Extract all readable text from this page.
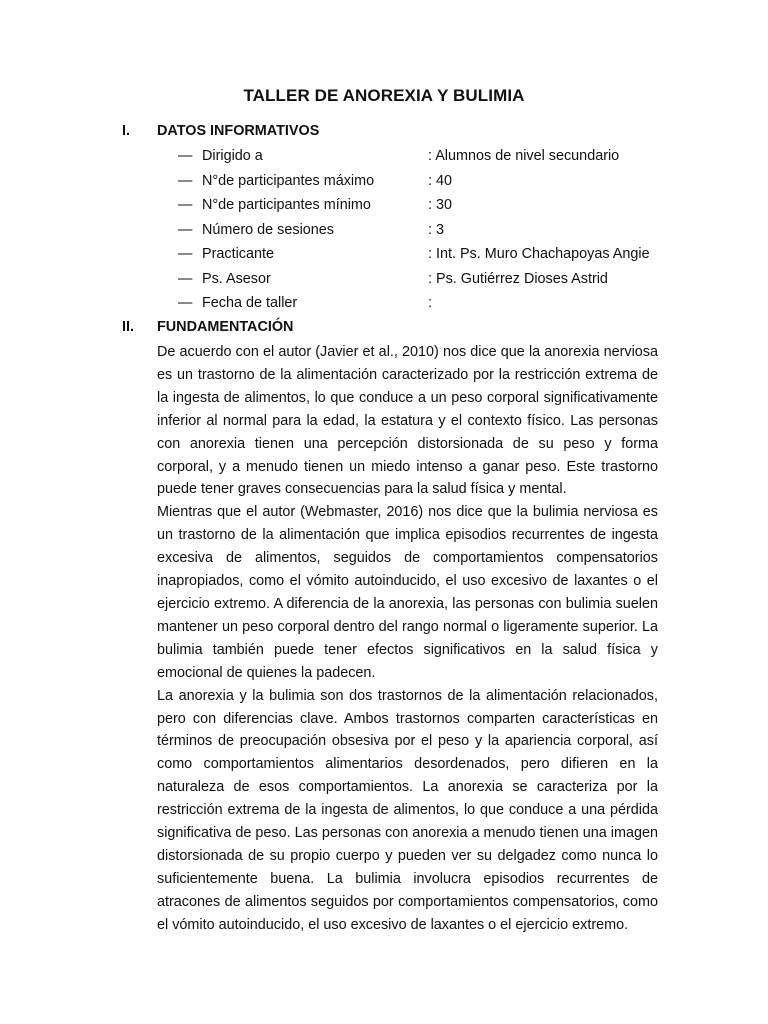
TALLER DE ANOREXIA Y BULIMIA
I. DATOS INFORMATIVOS
— Dirigido a	: Alumnos de nivel secundario
— N°de participantes máximo	: 40
— N°de participantes mínimo	: 30
— Número de sesiones	: 3
— Practicante	: Int. Ps. Muro Chachapoyas Angie
— Ps. Asesor	: Ps. Gutiérrez Dioses Astrid
— Fecha de taller	:
II. FUNDAMENTACIÓN

De acuerdo con el autor (Javier et al., 2010) nos dice que la anorexia nerviosa es un trastorno de la alimentación caracterizado por la restricción extrema de la ingesta de alimentos, lo que conduce a un peso corporal significativamente inferior al normal para la edad, la estatura y el contexto físico. Las personas con anorexia tienen una percepción distorsionada de su peso y forma corporal, y a menudo tienen un miedo intenso a ganar peso. Este trastorno puede tener graves consecuencias para la salud física y mental.

Mientras que el autor (Webmaster, 2016) nos dice que la bulimia nerviosa es un trastorno de la alimentación que implica episodios recurrentes de ingesta excesiva de alimentos, seguidos de comportamientos compensatorios inapropiados, como el vómito autoinducido, el uso excesivo de laxantes o el ejercicio extremo. A diferencia de la anorexia, las personas con bulimia suelen mantener un peso corporal dentro del rango normal o ligeramente superior. La bulimia también puede tener efectos significativos en la salud física y emocional de quienes la padecen.

La anorexia y la bulimia son dos trastornos de la alimentación relacionados, pero con diferencias clave. Ambos trastornos comparten características en términos de preocupación obsesiva por el peso y la apariencia corporal, así como comportamientos alimentarios desordenados, pero difieren en la naturaleza de esos comportamientos. La anorexia se caracteriza por la restricción extrema de la ingesta de alimentos, lo que conduce a una pérdida significativa de peso. Las personas con anorexia a menudo tienen una imagen distorsionada de su propio cuerpo y pueden ver su delgadez como nunca lo suficientemente buena. La bulimia involucra episodios recurrentes de atracones de alimentos seguidos por comportamientos compensatorios, como el vómito autoinducido, el uso excesivo de laxantes o el ejercicio extremo.
